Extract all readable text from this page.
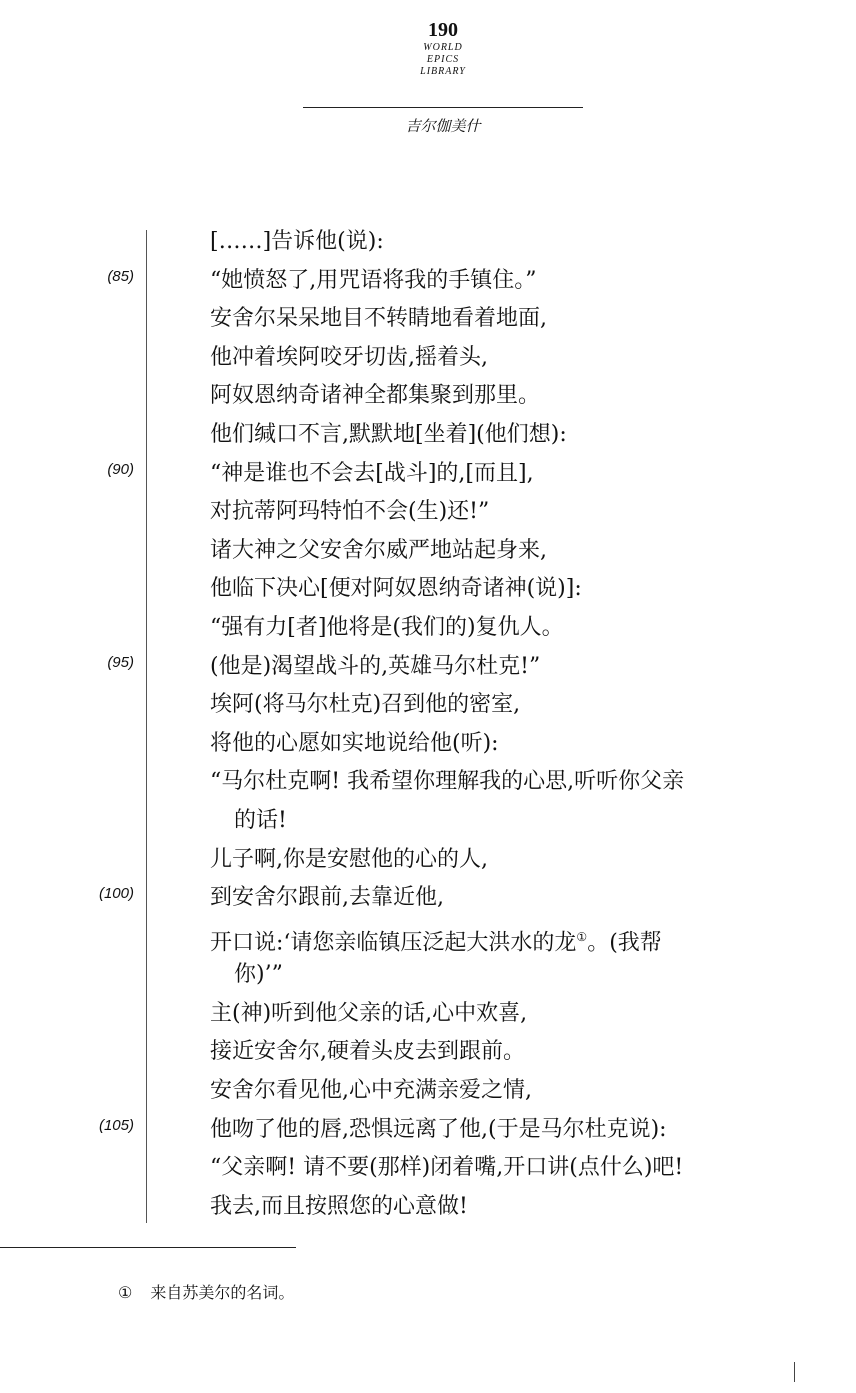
190
WORLD
EPICS
LIBRARY
吉尔伽美什
[……]告诉他(说):
(85)	“她愤怒了,用咒语将我的手镇住。”
安舍尔呆呆地目不转睛地看着地面,
他冲着埃阿咬牙切齿,摇着头,
阿奴恩纳奇诸神全都集聚到那里。
他们缄口不言,默默地[坐着](他们想):
(90)	“神是谁也不会去[战斗]的,[而且],
对抗蒂阿玛特怕不会(生)还!”
诸大神之父安舍尔威严地站起身来,
他临下决心[便对阿奴恩纳奇诸神(说)]:
“强有力[者]他将是(我们的)复仇人。
(95)	(他是)渴望战斗的,英雄马尔杜克!”
埃阿(将马尔杜克)召到他的密室,
将他的心愿如实地说给他(听):
“马尔杜克啊! 我希望你理解我的心思,听听你父亲
的话!
儿子啊,你是安慰他的心的人,
(100)	到安舍尔跟前,去靠近他,
开口说:‘请您亲临镇压泛起大洪水的龙①。(我帮
你)’”
主(神)听到他父亲的话,心中欢喜,
接近安舍尔,硬着头皮去到跟前。
安舍尔看见他,心中充满亲爱之情,
(105)	他吻了他的唇,恐惧远离了他,(于是马尔杜克说):
“父亲啊! 请不要(那样)闭着嘴,开口讲(点什么)吧!
我去,而且按照您的心意做!
① 来自苏美尔的名词。
